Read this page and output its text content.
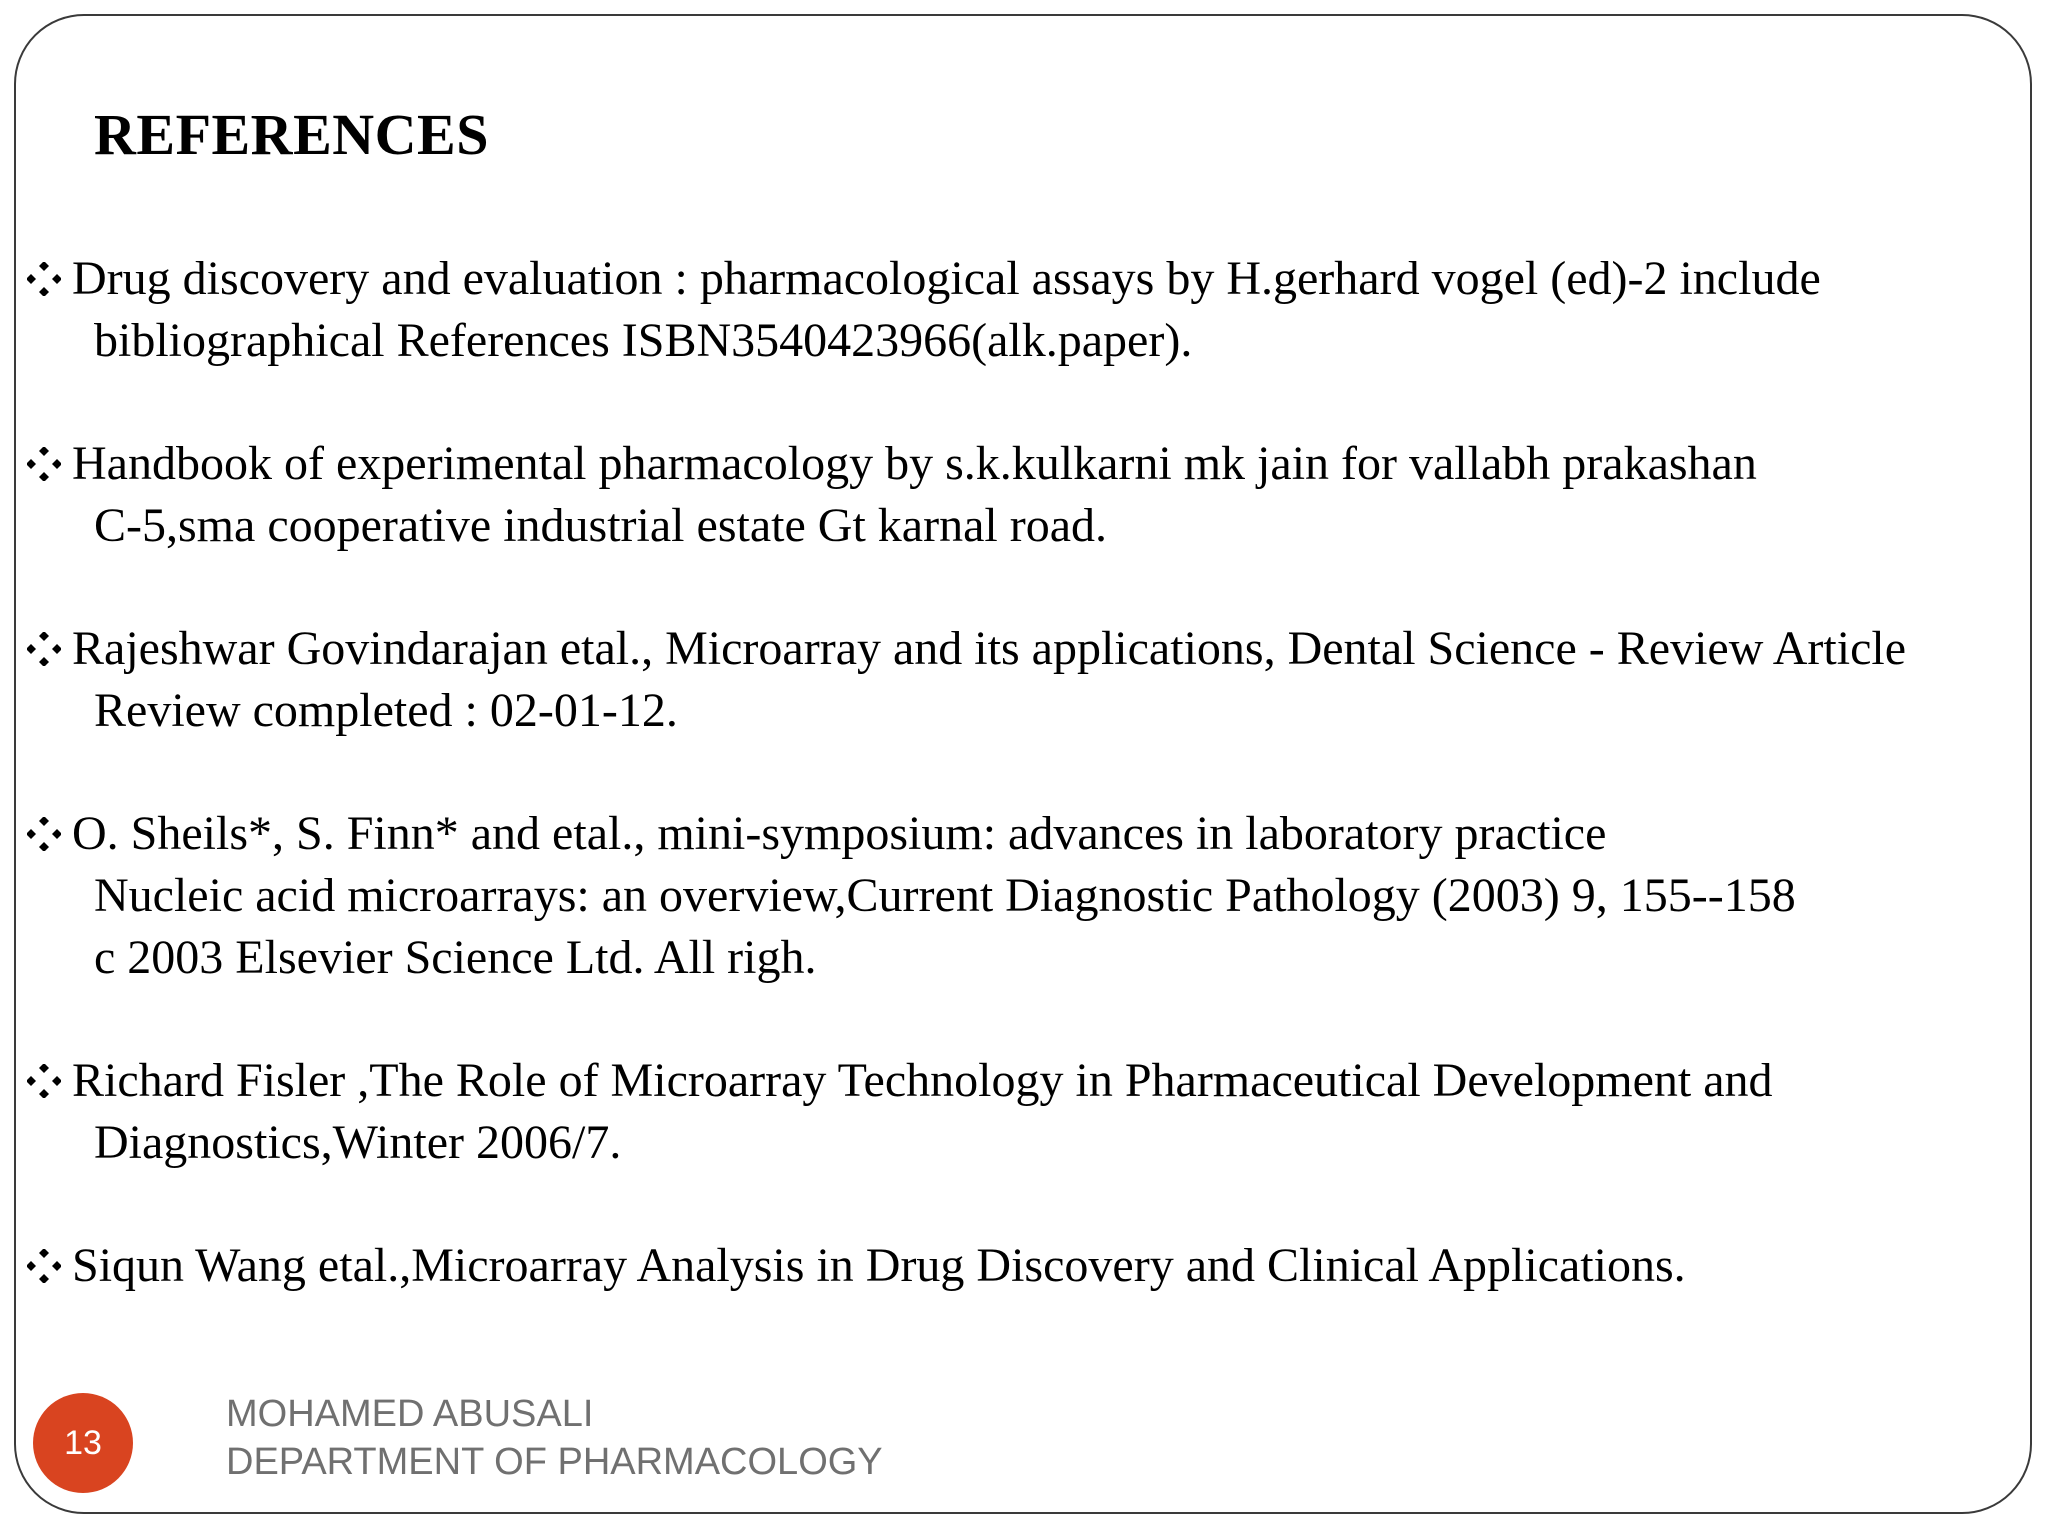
REFERENCES
Drug discovery and evaluation : pharmacological assays by H.gerhard vogel (ed)-2 include
bibliographical References ISBN3540423966(alk.paper).
Handbook of experimental pharmacology by s.k.kulkarni mk jain for vallabh prakashan
C-5,sma cooperative industrial estate Gt karnal road.
Rajeshwar Govindarajan etal., Microarray and its applications, Dental Science - Review Article
Review completed : 02-01-12.
O. Sheils*, S. Finn* and etal., mini-symposium: advances in laboratory practice
Nucleic acid microarrays: an overview,Current Diagnostic Pathology (2003) 9, 155--158
c 2003 Elsevier Science Ltd. All righ.
Richard Fisler ,The Role of Microarray Technology in Pharmaceutical Development and
Diagnostics,Winter 2006/7.
Siqun Wang etal.,Microarray Analysis in Drug Discovery and Clinical Applications.
13
MOHAMED ABUSALI
DEPARTMENT OF PHARMACOLOGY
